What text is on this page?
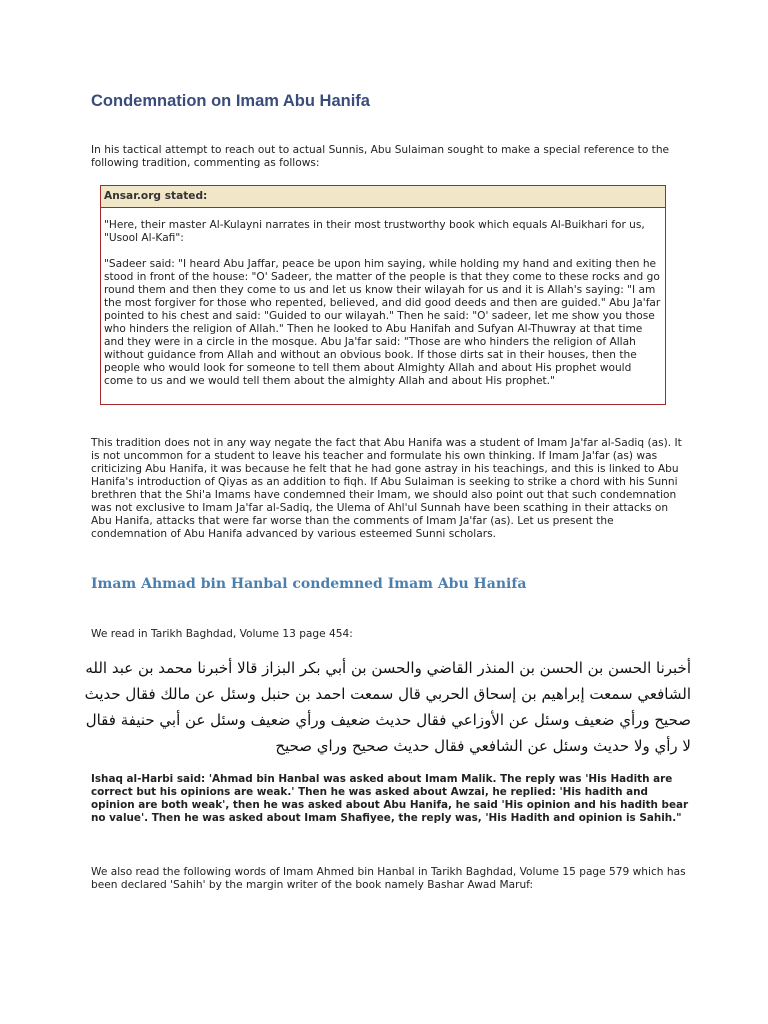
Condemnation on Imam Abu Hanifa

In his tactical attempt to reach out to actual Sunnis, Abu Sulaiman sought to make a special reference to the following tradition, commenting as follows:

Ansar.org stated:

"Here, their master Al-Kulayni narrates in their most trustworthy book which equals Al-Buikhari for us, "Usool Al-Kafi":

"Sadeer said: "I heard Abu Jaffar, peace be upon him saying, while holding my hand and exiting then he stood in front of the house: "O' Sadeer, the matter of the people is that they come to these rocks and go round them and then they come to us and let us know their wilayah for us and it is Allah's saying: "I am the most forgiver for those who repented, believed, and did good deeds and then are guided." Abu Ja'far pointed to his chest and said: "Guided to our wilayah." Then he said: "O' sadeer, let me show you those who hinders the religion of Allah." Then he looked to Abu Hanifah and Sufyan Al-Thuwray at that time and they were in a circle in the mosque. Abu Ja'far said: "Those are who hinders the religion of Allah without guidance from Allah and without an obvious book. If those dirts sat in their houses, then the people who would look for someone to tell them about Almighty Allah and about His prophet would come to us and we would tell them about the almighty Allah and about His prophet."

This tradition does not in any way negate the fact that Abu Hanifa was a student of Imam Ja'far al-Sadiq (as). It is not uncommon for a student to leave his teacher and formulate his own thinking. If Imam Ja'far (as) was criticizing Abu Hanifa, it was because he felt that he had gone astray in his teachings, and this is linked to Abu Hanifa's introduction of Qiyas as an addition to fiqh. If Abu Sulaiman is seeking to strike a chord with his Sunni brethren that the Shi'a Imams have condemned their Imam, we should also point out that such condemnation was not exclusive to Imam Ja'far al-Sadiq, the Ulema of Ahl'ul Sunnah have been scathing in their attacks on Abu Hanifa, attacks that were far worse than the comments of Imam Ja'far (as). Let us present the condemnation of Abu Hanifa advanced by various esteemed Sunni scholars.

Imam Ahmad bin Hanbal condemned Imam Abu Hanifa

We read in Tarikh Baghdad, Volume 13 page 454:

أخبرنا الحسن بن الحسن بن المنذر القاضي والحسن بن أبي بكر البزاز قالا أخبرنا محمد بن عبد الله
الشافعي سمعت إبراهيم بن إسحاق الحربي قال سمعت احمد بن حنبل وسئل عن مالك فقال حديث
صحيح ورأي ضعيف وسئل عن الأوزاعي فقال حديث ضعيف ورأي ضعيف وسئل عن أبي حنيفة فقال
لا رأي ولا حديث وسئل عن الشافعي فقال حديث صحيح وراي صحيح

Ishaq al-Harbi said: 'Ahmad bin Hanbal was asked about Imam Malik. The reply was 'His Hadith are correct but his opinions are weak.' Then he was asked about Awzai, he replied: 'His hadith and opinion are both weak', then he was asked about Abu Hanifa, he said 'His opinion and his hadith bear no value'. Then he was asked about Imam Shafiyee, the reply was, 'His Hadith and opinion is Sahih."

We also read the following words of Imam Ahmed bin Hanbal in Tarikh Baghdad, Volume 15 page 579 which has been declared 'Sahih' by the margin writer of the book namely Bashar Awad Maruf:
